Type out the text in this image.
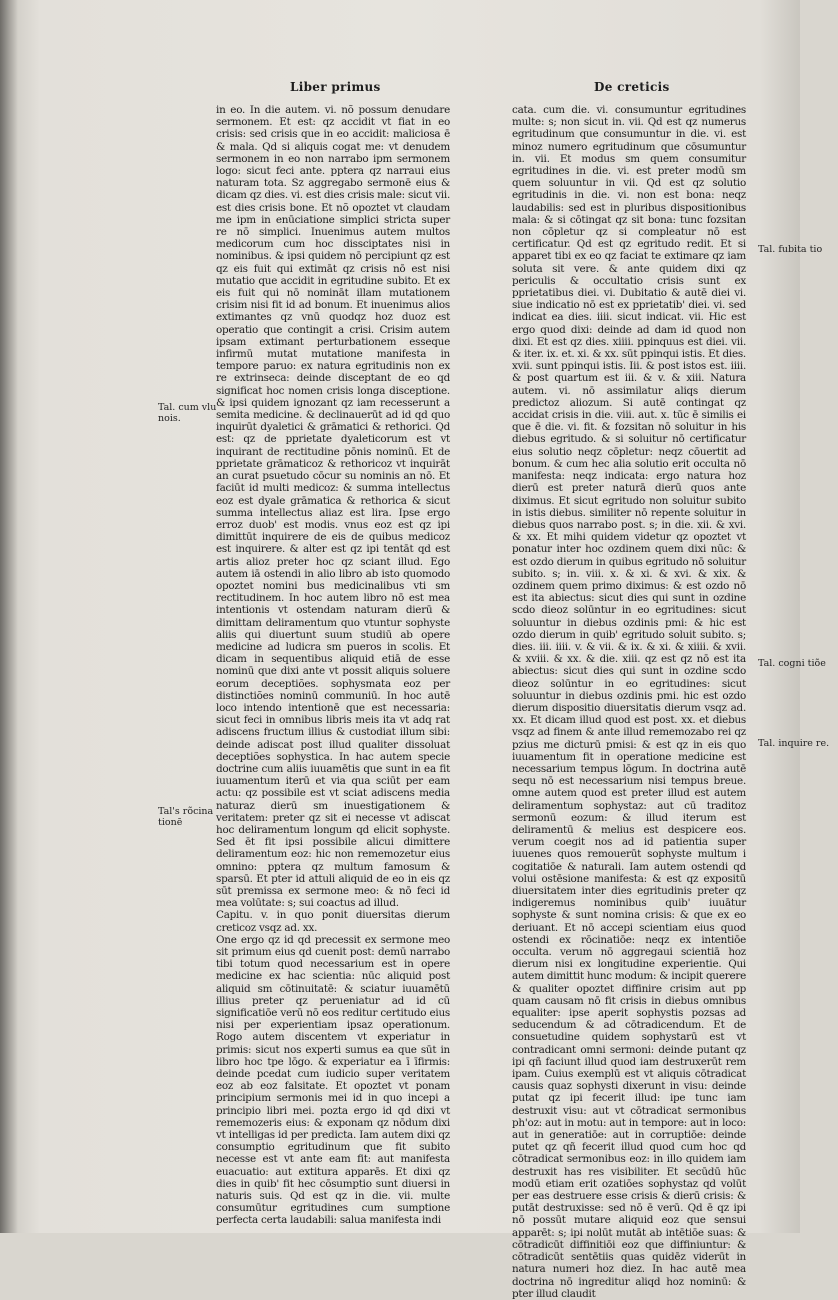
Liber primus	De creticis
Tal. cum vlu nois.
Tal's rõcina tionē
Tal. fubita tio
Tal. cogni tiõe
Tal. inquire re.

in eo. In die autem. vi. nõ possum denudare sermonem. Et est: qz accidit vt fiat in eo crisis: sed crisis que in eo accidit: maliciosa ē & mala. Qd si aliquis cogat me: vt denudem sermonem in eo non narrabo ipm sermonem logo: sicut feci ante. pptera qz narraui eius naturam tota. Sz aggregabo sermonē eius & dicam qz dies. vi. est dies crisis male: sicut vii. est dies crisis bone. Et nõ opoztet vt claudam me ipm in enūciatione simplici stricta super re nō simplici. Inuenimus autem multos medicorum cum hoc dissciptates nisi in nominibus. & ipsi quidem nō percipiunt qz est qz eis fuit qui extimāt qz crisis nō est nisi mutatio que accidit in egritudine subito. Et ex eis fuit qui nō nomināt illam mutationem crisim nisi fit id ad bonum. Et inuenimus alios extimantes qz vnū quodqz hoz duoz est operatio que contingit a crisi. Crisim autem ipsam extimant perturbationem esseque infirmū mutat mutatione manifesta in tempore paruo: ex natura egritudinis non ex re extrinseca: deinde disceptant de eo qd significat hoc nomen crisis longa disceptione. & ipsi quidem ignozant qz iam recesserunt a semita medicine. & declinauerūt ad id qd quo inquirūt dyaletici & grāmatici & rethorici. Qd est: qz de pprietate dyaleticorum est vt inquirant de rectitudine pōnis nominū. Et de pprietate grāmaticoz & rethoricoz vt inquirāt an curat psuetudo cōcur su nominis an nō. Et faciūt id multi medicoz: & summa intellectus eoz est dyale grāmatica & rethorica & sicut summa intellectus aliaz est lira. Ipse ergo erroz duob' est modis. vnus eoz est qz ipi dimittūt inquirere de eis de quibus medicoz est inquirere. & alter est qz ipi tentāt qd est artis alioz preter hoc qz sciant illud. Ego autem iā ostendi in alio libro ab isto quomodo opoztet nomini bus medicinalibus vti sm rectitudinem. In hoc autem libro nō est mea intentionis vt ostendam naturam dierū & dimittam deliramentum quo vtuntur sophyste aliis qui diuertunt suum studiū ab opere medicine ad ludicra sm pueros in scolis. Et dicam in sequentibus aliquid etiā de esse nominū que dixi ante vt possit aliquis soluere eorum deceptiões. sophysmata eoz per distinctiões nominū communiū. In hoc autē loco intendo intentionē que est necessaria: sicut feci in omnibus libris meis ita vt adq rat adiscens fructum illius & custodiat illum sibi: deinde adiscat post illud qualiter dissoluat deceptiões sophystica. In hac autem specie doctrine cum aliis iuuamētis que sunt in ea fit iuuamentum iterū et via qua sciūt per eam actu: qz possibile est vt sciat adiscens media naturaz dierū sm inuestigationem & veritatem: preter qz sit ei necesse vt adiscat hoc deliramentum longum qd elicit sophyste. Sed ēt fit ipsi possibile alicui dimittere deliramentum eoz: hic non rememozetur eius omnino: pptera qz multum famosum & sparsū. Et pter id attuli aliquid de eo in eis qz sūt premissa ex sermone meo: & nō feci id mea volūtate: s; sui coactus ad illud.

Capitu. v. in quo ponit diuersitas dierum creticoz vsqz ad. xx.

One ergo qz id qd precessit ex sermone meo sit primum eius qd cuenit post: demū narrabo tibi totum quod necessarium est in opere medicine ex hac scientia: nūc aliquid post aliquid sm cōtinuitatē: & sciatur iuuamētū illius preter qz perueniatur ad id cū significatiōe verū nō eos reditur certitudo eius nisi per experientiam ipsaz operationum. Rogo autem discentem vt experiatur in primis: sicut nos experti sumus ea que sūt in libro hoc tpe lōgo. & experiatur ea ī īfirmis: deinde pcedat cum iudicio super veritatem eoz ab eoz falsitate. Et opoztet vt ponam principium sermonis mei id in quo incepi a principio libri mei. pozta ergo id qd dixi vt rememozeris eius: & exponam qz nōdum dixi vt intelligas id per predicta. Iam autem dixi qz consumptio egritudinum que fit subito necesse est vt ante eam fit: aut manifesta euacuatio: aut extitura apparēs. Et dixi qz dies in quib' fit hec cōsumptio sunt diuersi in naturis suis. Qd est qz in die. vii. multe consumūtur egritudines cum sumptione perfecta certa laudabili: salua manifesta indi

cata. cum die. vi. consumuntur egritudines multe: s; non sicut in. vii. Qd est qz numerus egritudinum que consumuntur in die. vi. est minoz numero egritudinum que cōsumuntur in. vii. Et modus sm quem consumitur egritudines in die. vi. est preter modū sm quem soluuntur in vii. Qd est qz solutio egritudinis in die. vi. non est bona: neqz laudabilis: sed est in pluribus dispositionibus mala: & si cōtingat qz sit bona: tunc fozsitan non cōpletur qz si compleatur nō est certificatur. Qd est qz egritudo redit. Et si apparet tibi ex eo qz faciat te extimare qz iam soluta sit vere. & ante quidem dixi qz periculis & occultatio crisis sunt ex pprietatibus diei. vi. Dubitatio & autē diei vi. siue indicatio nō est ex pprietatib' diei. vi. sed indicat ea dies. iiii. sicut indicat. vii. Hic est ergo quod dixi: deinde ad dam id quod non dixi. Et est qz dies. xiiii. ppinquus est diei. vii. & iter. ix. et. xi. & xx. sūt ppinqui istis. Et dies. xvii. sunt ppinqui istis. Iii. & post istos est. iiii. & post quartum est iii. & v. & xiii. Natura autem. vi. nō assimilatur aliqs dierum predictoz aliozum. Si autē contingat qz accidat crisis in die. viii. aut. x. tūc ē similis ei que ē die. vi. fit. & fozsitan nō soluitur in his diebus egritudo. & si soluitur nō certificatur eius solutio neqz cōpletur: neqz cōuertit ad bonum. & cum hec alia solutio erit occulta nō manifesta: neqz indicata: ergo natura hoz dierū est preter naturā dierū quos ante diximus. Et sicut egritudo non soluitur subito in istis diebus. similiter nō repente soluitur in diebus quos narrabo post. s; in die. xii. & xvi. & xx. Et mihi quidem videtur qz opoztet vt ponatur inter hoc ozdinem quem dixi nūc: & est ozdo dierum in quibus egritudo nō soluitur subito. s; in. viii. x. & xi. & xvi. & xix. & ozdinem quem primo diximus: & est ozdo nō est ita abiectus: sicut dies qui sunt in ozdine scdo dieoz solūntur in eo egritudines: sicut soluuntur in diebus ozdinis pmi: & hic est ozdo dierum in quib' egritudo soluit subito. s; dies. iii. iiii. v. & vii. & ix. & xi. & xiiii. & xvii. & xviii. & xx. & die. xiii. qz est qz nō est ita abiectus: sicut dies qui sunt in ozdine scdo dieoz solūntur in eo egritudines: sicut soluuntur in diebus ozdinis pmi. hic est ozdo dierum dispositio diuersitatis dierum vsqz ad. xx. Et dicam illud quod est post. xx. et diebus vsqz ad finem & ante illud rememozabo rei qz pzius me dicturū pmisi: & est qz in eis quo iuuamentum fit in operatione medicine est necessarium tempus lōgum. In doctrina autē sequ nō est necessarium nisi tempus breue. omne autem quod est preter illud est autem deliramentum sophystaz: aut cū traditoz sermonū eozum: & illud iterum est deliramentū & melius est despicere eos. verum coegit nos ad id patientia super iuuenes quos remouerūt sophyste multum i cogitatiōe & naturali. Iam autem ostendi qd volui ostēsione manifesta: & est qz expositū diuersitatem inter dies egritudinis preter qz indigeremus nominibus quib' iuuātur sophyste & sunt nomina crisis: & que ex eo deriuant. Et nō accepi scientiam eius quod ostendi ex rōcinatiōe: neqz ex intentiōe occulta. verum nō aggregaui scientiā hoz dierum nisi ex longitudine experientie. Qui autem dimittit hunc modum: & incipit querere & qualiter opoztet diffinire crisim aut pp quam causam nō fit crisis in diebus omnibus equaliter: ipse aperit sophystis pozsas ad seducendum & ad cōtradicendum. Et de consuetudine quidem sophystarū est vt contradicant omni sermoni: deinde putant qz ipi qñ faciunt illud quod iam destruxerūt rem ipam. Cuius exemplū est vt aliquis cōtradicat causis quaz sophysti dixerunt in visu: deinde putat qz ipi fecerit illud: ipe tunc iam destruxit visu: aut vt cōtradicat sermonibus ph'oz: aut in motu: aut in tempore: aut in loco: aut in generatiōe: aut in corruptiōe: deinde putet qz qñ fecerit illud quod cum hoc qd cōtradicat sermonibus eoz: in illo quidem iam destruxit has res visibiliter. Et secūdū hūc modū etiam erit ozatiōes sophystaz qd volūt per eas destruere esse crisis & dierū crisis: & putāt destruxisse: sed nō ē verū. Qd ē qz ipi nō possūt mutare aliquid eoz que sensui apparēt: s; ipi nolūt mutāt ab intētiōe suas: & cōtradicūt diffinitiōi eoz que diffiniuntur: & cōtradicūt sentētiis quas quidēz viderūt in natura numeri hoz diez. In hac autē mea doctrina nō ingreditur aliqd hoz nominū: & pter illud claudit
